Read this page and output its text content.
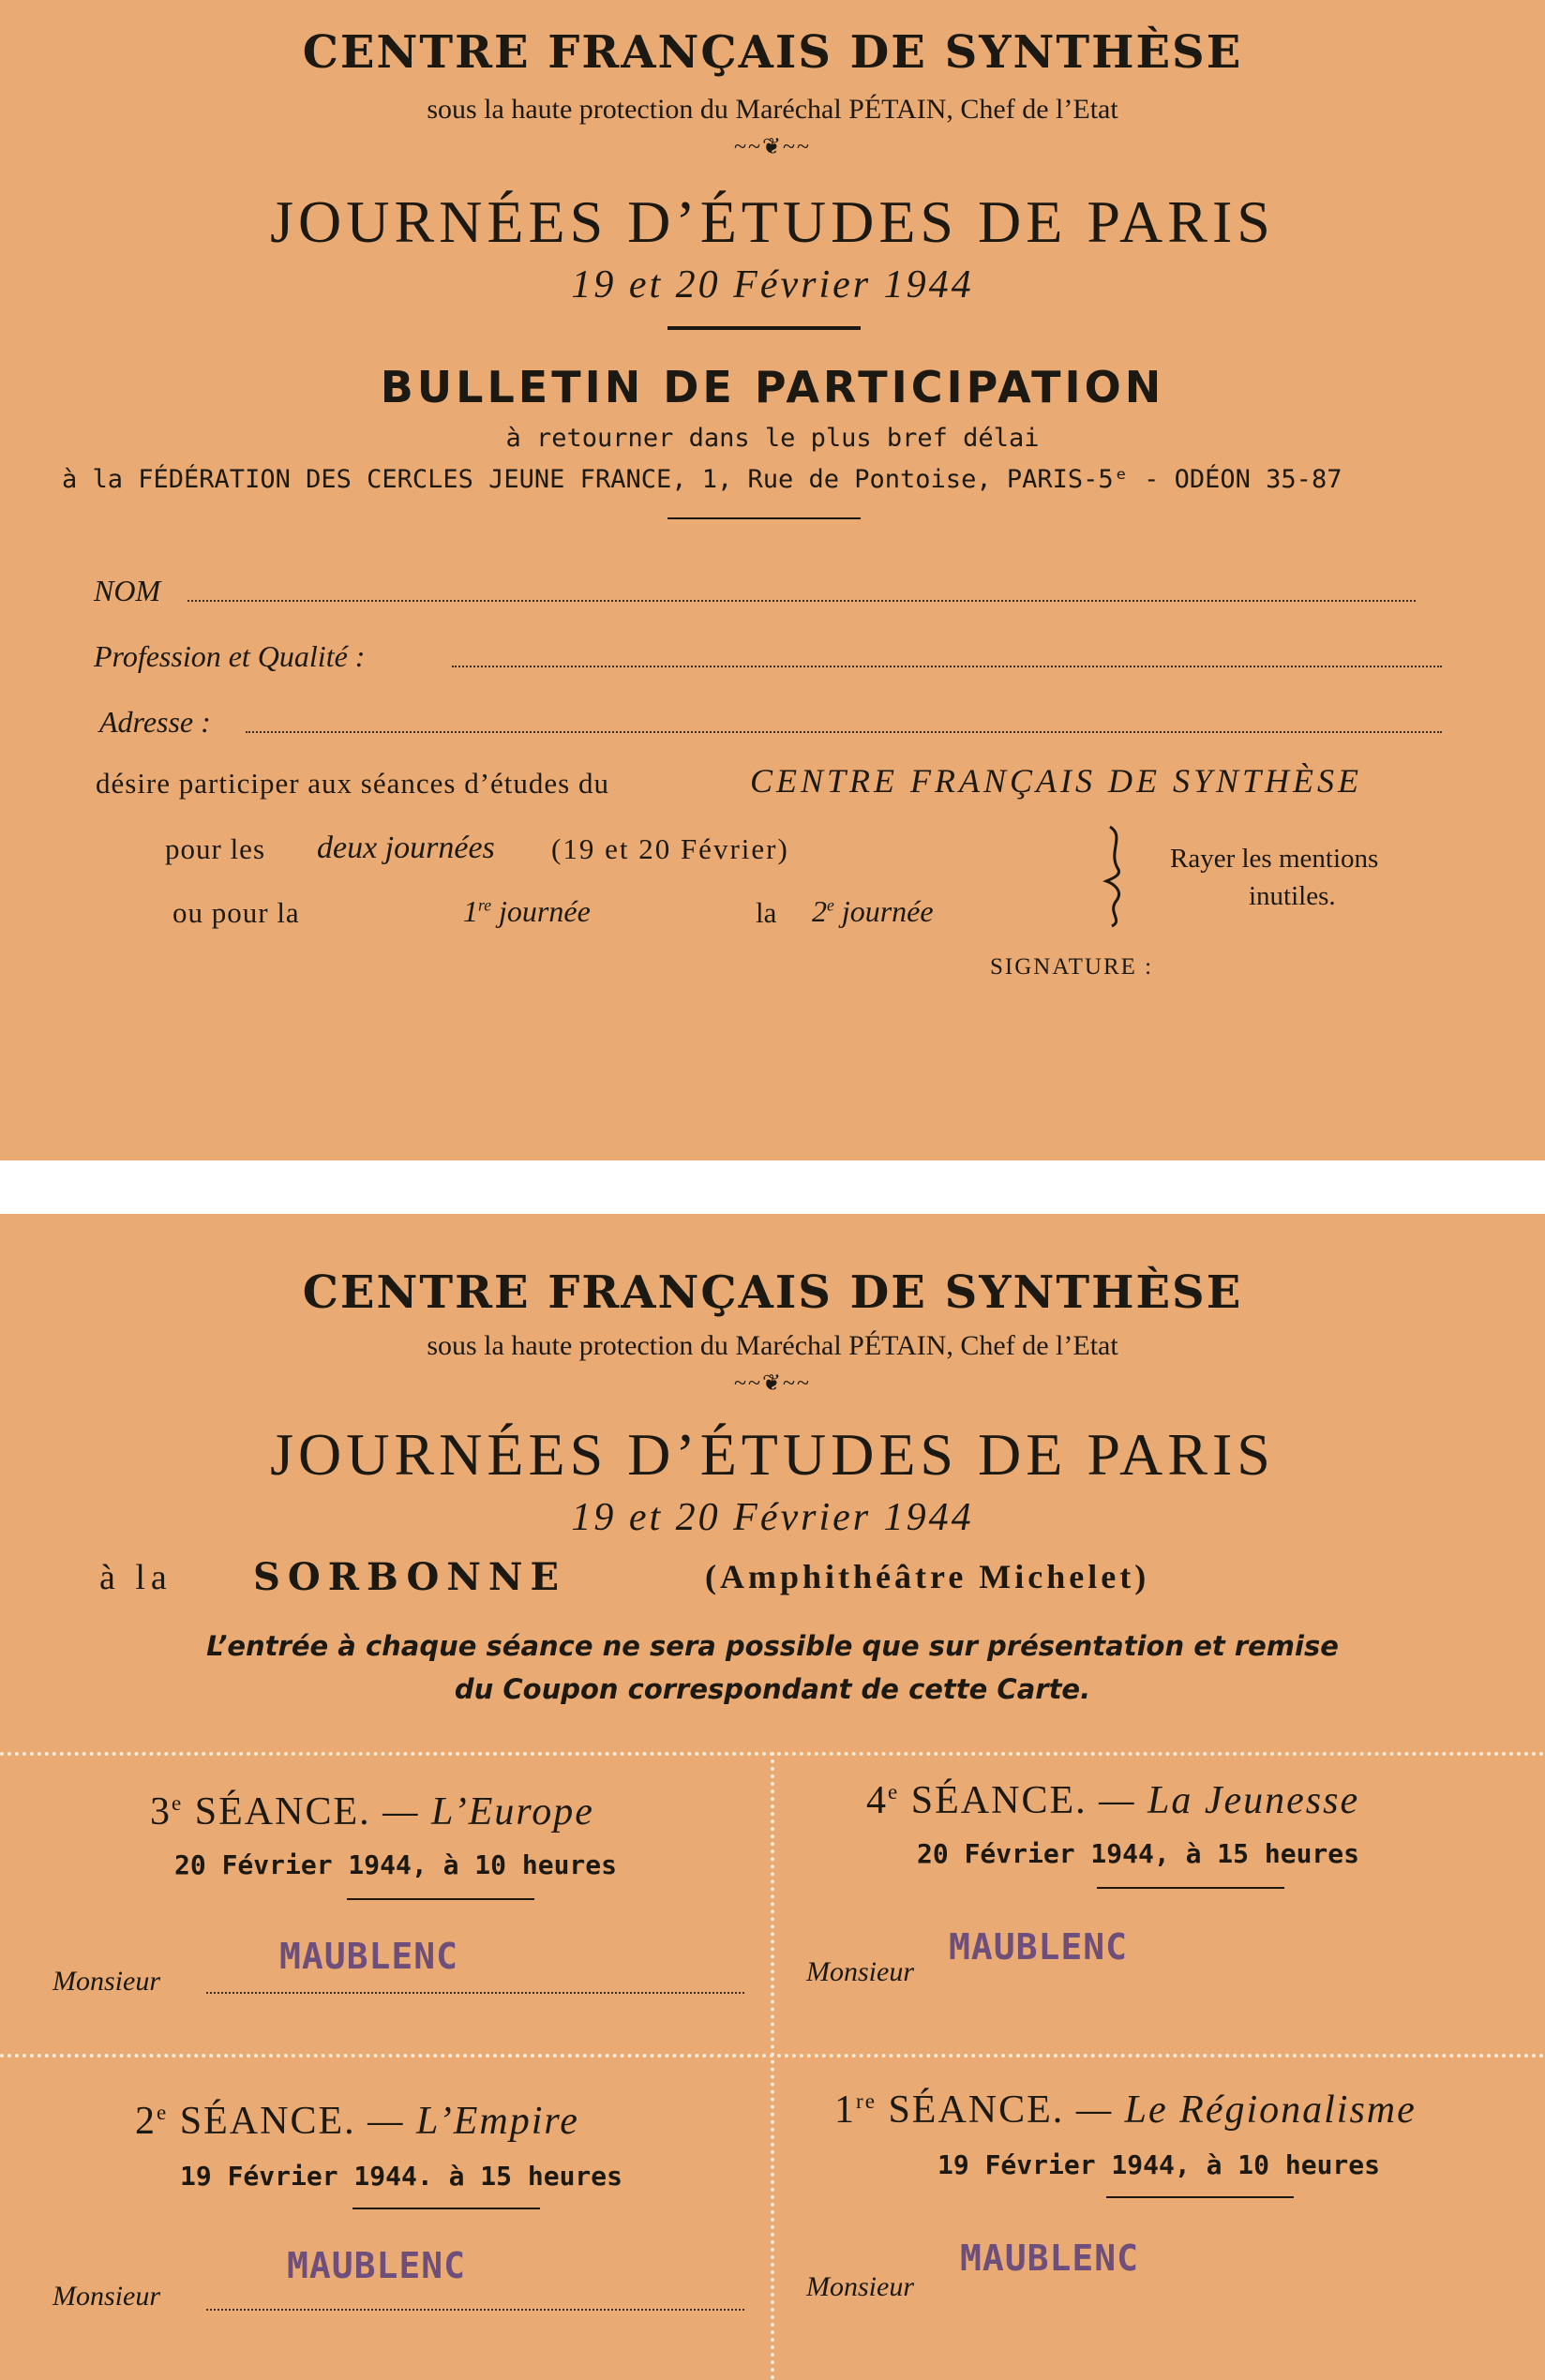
CENTRE FRANÇAIS DE SYNTHÈSE
sous la haute protection du Maréchal PÉTAIN, Chef de l’Etat
~~❦~~
JOURNÉES D’ÉTUDES DE PARIS
19 et 20 Février 1944
BULLETIN DE PARTICIPATION
à retourner dans le plus bref délai
à la FÉDÉRATION DES CERCLES JEUNE FRANCE, 1, Rue de Pontoise, PARIS-5ᵉ - ODÉON 35-87
NOM
Profession et Qualité :
Adresse :
désire participer aux séances d’études du	CENTRE FRANÇAIS DE SYNTHÈSE
pour les deux journées (19 et 20 Février)
ou pour la	1re journée	la 2e journée
Rayer les mentions
inutiles.
SIGNATURE :
CENTRE FRANÇAIS DE SYNTHÈSE
sous la haute protection du Maréchal PÉTAIN, Chef de l’Etat
~~❦~~
JOURNÉES D’ÉTUDES DE PARIS
19 et 20 Février 1944
à la SORBONNE	(Amphithéâtre Michelet)
L’entrée à chaque séance ne sera possible que sur présentation et remise
du Coupon correspondant de cette Carte.
3e SÉANCE. — L’Europe
20 Février 1944, à 10 heures
Monsieur
MAUBLENC
4e SÉANCE. — La Jeunesse
20 Février 1944, à 15 heures
Monsieur
MAUBLENC
2e SÉANCE. — L’Empire
19 Février 1944. à 15 heures
Monsieur
MAUBLENC
1re SÉANCE. — Le Régionalisme
19 Février 1944, à 10 heures
Monsieur
MAUBLENC
